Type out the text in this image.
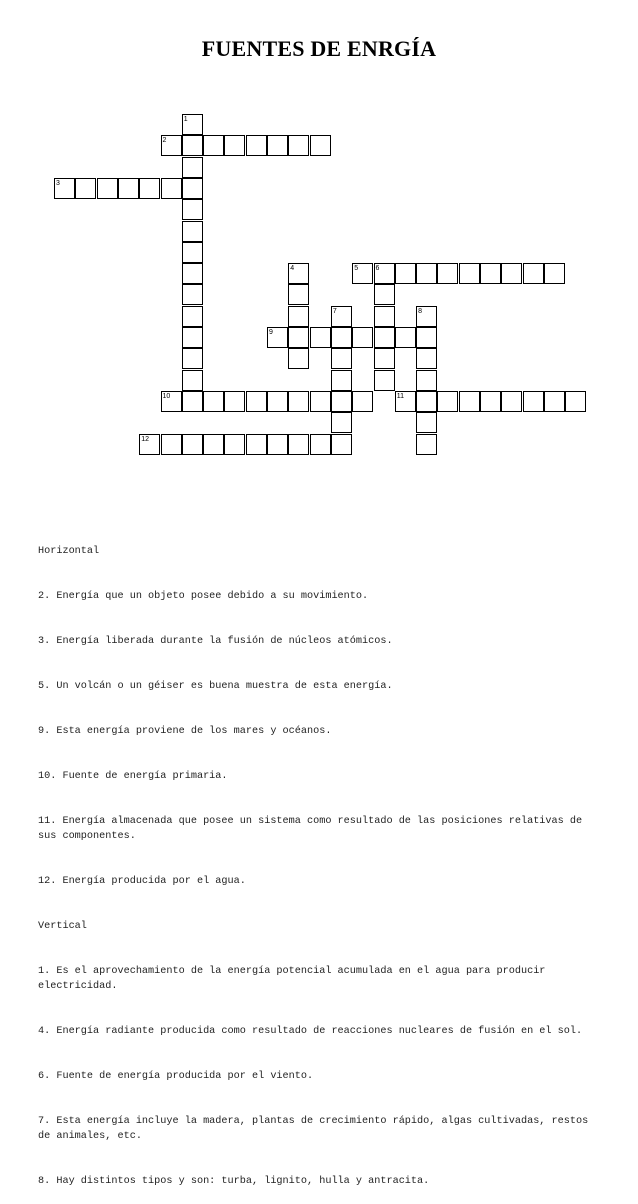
FUENTES DE ENRGÍA
1
2
3
4	5 6
7	8
9
10	11
12

Horizontal

2. Energía que un objeto posee debido a su movimiento.

3. Energía liberada durante la fusión de núcleos atómicos.

5. Un volcán o un géiser es buena muestra de esta energía.

9. Esta energía proviene de los mares y océanos.

10. Fuente de energía primaria.

11. Energía almacenada que posee un sistema como resultado de las posiciones relativas de sus componentes.

12. Energía producida por el agua.

Vertical

1. Es el aprovechamiento de la energía potencial acumulada en el agua para producir electricidad.

4. Energía radiante producida como resultado de reacciones nucleares de fusión en el sol.

6. Fuente de energía producida por el viento.

7. Esta energía incluye la madera, plantas de crecimiento rápido, algas cultivadas, restos de animales, etc.

8. Hay distintos tipos y son: turba, lignito, hulla y antracita.
